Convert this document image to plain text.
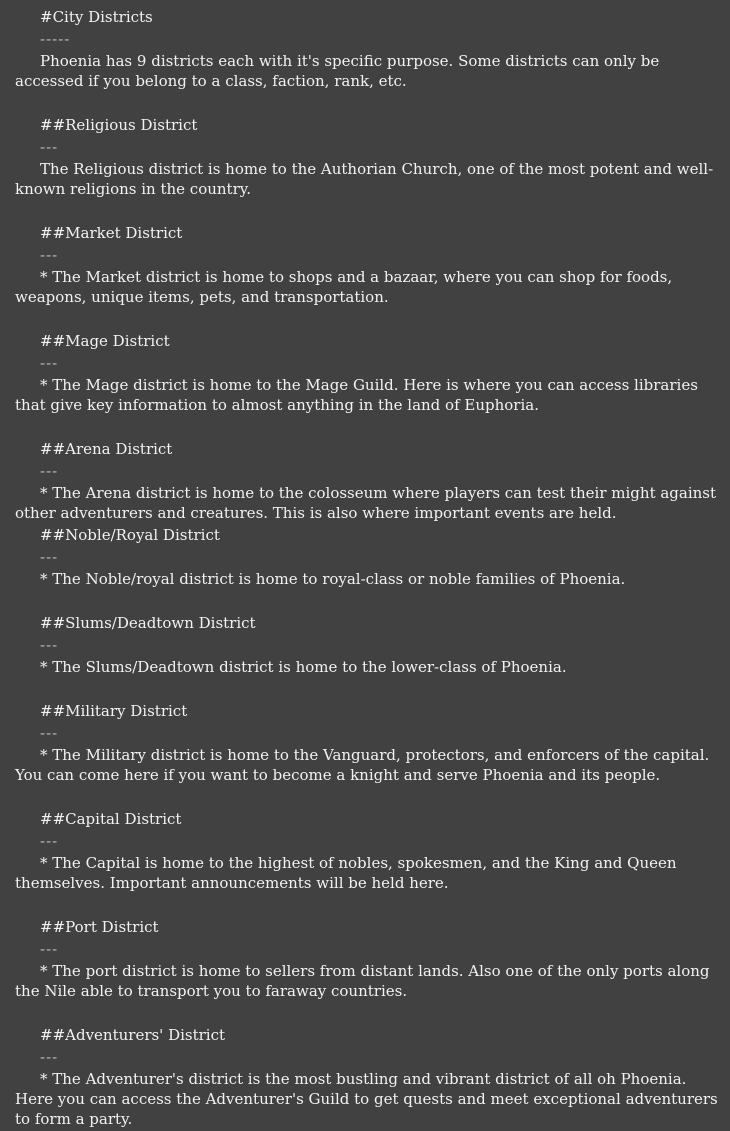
#City Districts
-----
Phoenia has 9 districts each with it's specific purpose. Some districts can only be
accessed if you belong to a class, faction, rank, etc.
##Religious District
---
The Religious district is home to the Authorian Church, one of the most potent and well-
known religions in the country.
##Market District
---
* The Market district is home to shops and a bazaar, where you can shop for foods,
weapons, unique items, pets, and transportation.
##Mage District
---
* The Mage district is home to the Mage Guild. Here is where you can access libraries
that give key information to almost anything in the land of Euphoria.
##Arena District
---
* The Arena district is home to the colosseum where players can test their might against
other adventurers and creatures. This is also where important events are held.
##Noble/Royal District
---
* The Noble/royal district is home to royal-class or noble families of Phoenia.
##Slums/Deadtown District
---
* The Slums/Deadtown district is home to the lower-class of Phoenia.
##Military District
---
* The Military district is home to the Vanguard, protectors, and enforcers of the capital.
You can come here if you want to become a knight and serve Phoenia and its people.
##Capital District
---
* The Capital is home to the highest of nobles, spokesmen, and the King and Queen
themselves. Important announcements will be held here.
##Port District
---
* The port district is home to sellers from distant lands. Also one of the only ports along
the Nile able to transport you to faraway countries.
##Adventurers' District
---
* The Adventurer's district is the most bustling and vibrant district of all oh Phoenia.
Here you can access the Adventurer's Guild to get quests and meet exceptional adventurers
to form a party.
